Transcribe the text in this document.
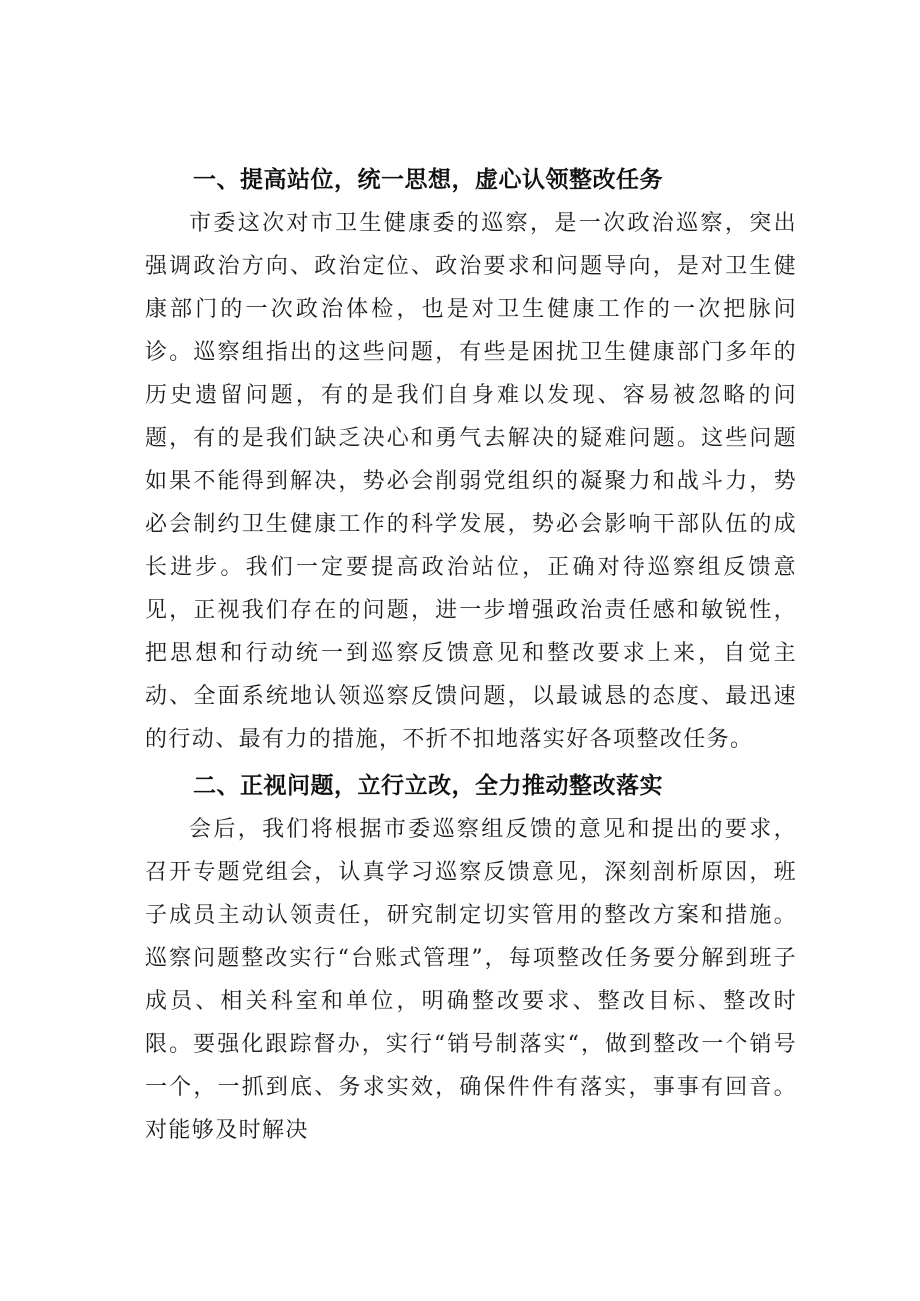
一、提高站位，统一思想，虚心认领整改任务

市委这次对市卫生健康委的巡察，是一次政治巡察，突出强调政治方向、政治定位、政治要求和问题导向，是对卫生健康部门的一次政治体检，也是对卫生健康工作的一次把脉问诊。巡察组指出的这些问题，有些是困扰卫生健康部门多年的历史遗留问题，有的是我们自身难以发现、容易被忽略的问题，有的是我们缺乏决心和勇气去解决的疑难问题。这些问题如果不能得到解决，势必会削弱党组织的凝聚力和战斗力，势必会制约卫生健康工作的科学发展，势必会影响干部队伍的成长进步。我们一定要提高政治站位，正确对待巡察组反馈意见，正视我们存在的问题，进一步增强政治责任感和敏锐性，把思想和行动统一到巡察反馈意见和整改要求上来，自觉主动、全面系统地认领巡察反馈问题，以最诚恳的态度、最迅速的行动、最有力的措施，不折不扣地落实好各项整改任务。

二、正视问题，立行立改，全力推动整改落实

会后，我们将根据市委巡察组反馈的意见和提出的要求，召开专题党组会，认真学习巡察反馈意见，深刻剖析原因，班子成员主动认领责任，研究制定切实管用的整改方案和措施。巡察问题整改实行“台账式管理”，每项整改任务要分解到班子成员、相关科室和单位，明确整改要求、整改目标、整改时限。要强化跟踪督办，实行“销号制落实“，做到整改一个销号一个，一抓到底、务求实效，确保件件有落实，事事有回音。对能够及时解决
